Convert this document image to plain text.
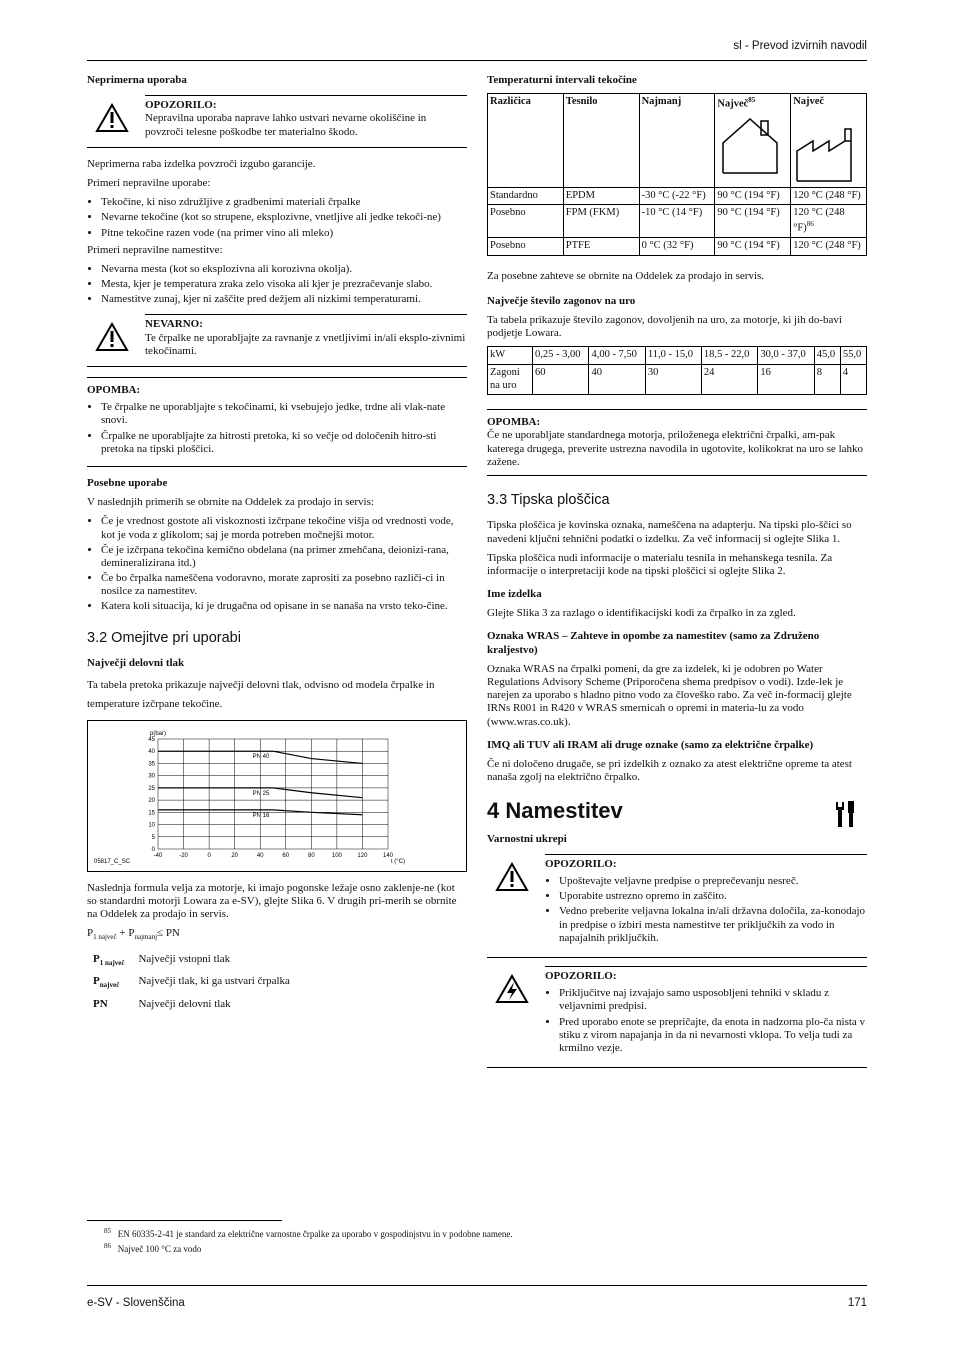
sl - Prevod izvirnih navodil

Neprimerna uporaba

OPOZORILO:
Nepravilna uporaba naprave lahko ustvari nevarne okoliščine in povzroči telesne poškodbe ter materialno škodo.

Neprimerna raba izdelka povzroči izgubo garancije.

Primeri nepravilne uporabe:

• Tekočine, ki niso združljive z gradbenimi materiali črpalke
• Nevarne tekočine (kot so strupene, eksplozivne, vnetljive ali jedke tekoči-ne)
• Pitne tekočine razen vode (na primer vino ali mleko)

Primeri nepravilne namestitve:

• Nevarna mesta (kot so eksplozivna ali korozivna okolja).
• Mesta, kjer je temperatura zraka zelo visoka ali kjer je prezračevanje slabo.
• Namestitve zunaj, kjer ni zaščite pred dežjem ali nizkimi temperaturami.
NEVARNO:
Te črpalke ne uporabljajte za ravnanje z vnetljivimi in/ali eksplo-zivnimi tekočinami.
OPOMBA:
• Te črpalke ne uporabljajte s tekočinami, ki vsebujejo jedke, trdne ali vlak-nate snovi.
• Črpalke ne uporabljajte za hitrosti pretoka, ki so večje od določenih hitro-sti pretoka na tipski ploščici.

Posebne uporabe

V naslednjih primerih se obrnite na Oddelek za prodajo in servis:

• Če je vrednost gostote ali viskoznosti izčrpane tekočine višja od vrednosti vode, kot je voda z glikolom; saj je morda potreben močnejši motor.
• Če je izčrpana tekočina kemično obdelana (na primer zmehčana, deionizi-rana, demineralizirana itd.)
• Če bo črpalka nameščena vodoravno, morate zaprositi za posebno različi-ci in nosilce za namestitev.
• Katera koli situacija, ki je drugačna od opisane in se nanaša na vrsto teko-čine.
3.2 Omejitve pri uporabi

Največji delovni tlak

Ta tabela pretoka prikazuje največji delovni tlak, odvisno od modela črpalke in temperature izčrpane tekočine.

-40	-20	0	20	40	60	80	100	120	140
0
5
10
15
20
25
30
35
40
45
p(bar)
t (°C)
05817_C_SC
PN 40
PN 25
PN 16

Naslednja formula velja za motorje, ki imajo pogonske ležaje osno zaklenje-ne (kot so standardni motorji Lowara za e-SV), glejte Slika 6. V drugih pri-merih se obrnite na Oddelek za prodajo in servis.

$P_{1 največ} + P_{najmanj}\le$ PN

$P_{1 največ}$	Največji vstopni tlak
$P_{največ}$	Največji tlak, ki ga ustvari črpalka
PN	Največji delovni tlak

Temperaturni intervali tekočine

Različica	Tesnilo	Najmanj	Največ$^{85}$	Največ

Standardno	EPDM	-30 °C (-22 °F)	90 °C (194 °F)	120 °C (248 °F)
Posebno	FPM (FKM)	-10 °C (14 °F)	90 °C (194 °F)	120 °C (248 °F)$^{86}$
Posebno	PTFE	0 °C (32 °F)	90 °C (194 °F)	120 °C (248 °F)

Za posebne zahteve se obrnite na Oddelek za prodajo in servis.

Največje število zagonov na uro

Ta tabela prikazuje število zagonov, dovoljenih na uro, za motorje, ki jih do-bavi podjetje Lowara.

kW	0,25 - 3,00	4,00 - 7,50	11,0 - 15,0	18,5 - 22,0	30,0 - 37,0	45,0	55,0
Zagoni na uro	60	40	30	24	16	8	4
OPOMBA:
Če ne uporabljate standardnega motorja, priloženega električni črpalki, am-pak katerega drugega, preverite ustrezna navodila in ugotovite, kolikokrat na uro se lahko zažene.
3.3 Tipska ploščica

Tipska ploščica je kovinska oznaka, nameščena na adapterju. Na tipski plo-ščici so navedeni ključni tehnični podatki o izdelku. Za več informacij si oglejte Slika 1.

Tipska ploščica nudi informacije o materialu tesnila in mehanskega tesnila. Za informacije o interpretaciji kode na tipski ploščici si oglejte Slika 2.

Ime izdelka

Glejte Slika 3 za razlago o identifikacijski kodi za črpalko in za zgled.

Oznaka WRAS – Zahteve in opombe za namestitev (samo za Združeno kraljestvo)

Oznaka WRAS na črpalki pomeni, da gre za izdelek, ki je odobren po Water Regulations Advisory Scheme (Priporočena shema predpisov o vodi). Izde-lek je narejen za uporabo s hladno pitno vodo za človeško rabo. Za več in-formacij glejte IRNs R001 in R420 v WRAS smernicah o opremi in materia-lu za vodo (www.wras.co.uk).

IMQ ali TUV ali IRAM ali druge oznake (samo za električne črpalke)

Če ni določeno drugače, se pri izdelkih z oznako za atest električne opreme ta atest nanaša zgolj na električno črpalko.

4 Namestitev

Varnostni ukrepi

OPOZORILO:
• Upoštevajte veljavne predpise o preprečevanju nesreč.
• Uporabite ustrezno opremo in zaščito.
• Vedno preberite veljavna lokalna in/ali državna določila, za-konodajo in predpise o izbiri mesta namestitve ter priključkih za vodo in napajalnih priključkih.
OPOZORILO:
• Priključitve naj izvajajo samo usposobljeni tehniki v skladu z veljavnimi predpisi.
• Pred uporabo enote se prepričajte, da enota in nadzorna plo-ča nista v stiku z virom napajanja in da ni nevarnosti vklopa. To velja tudi za krmilno vezje.
$^{85}$ EN 60335-2-41 je standard za električne varnostne črpalke za uporabo v gospodinjstvu in v podobne namene.
$^{86}$ Največ 100 °C za vodo
e-SV - Slovenščina	171
